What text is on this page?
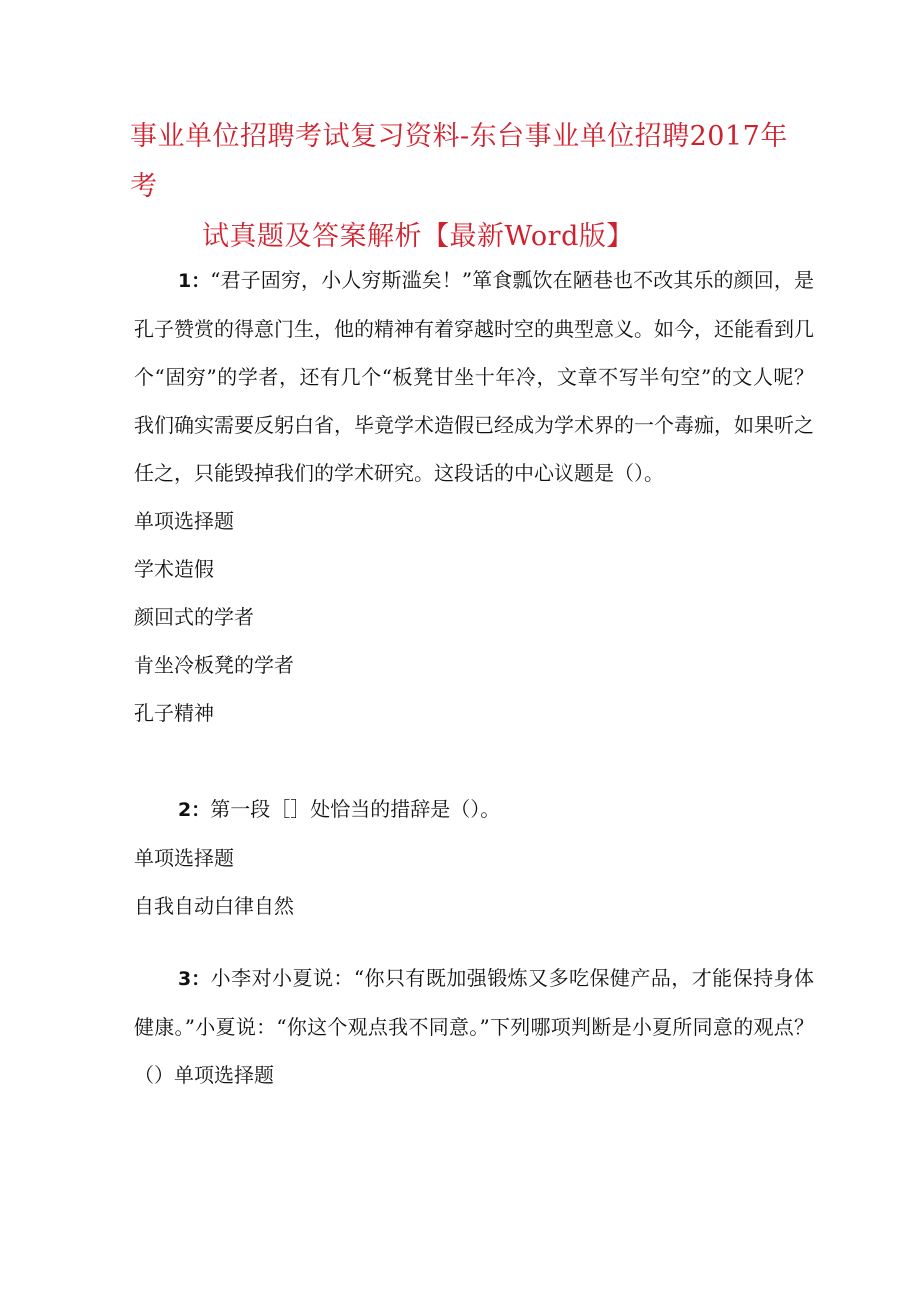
事业单位招聘考试复习资料-东台事业单位招聘2017年考
试真题及答案解析【最新Word版】

1：“君子固穷，小人穷斯滥矣！”箪食瓢饮在陋巷也不改其乐的颜回，是孔子赞赏的得意门生，他的精神有着穿越时空的典型意义。如今，还能看到几个“固穷”的学者，还有几个“板凳甘坐十年冷，文章不写半句空”的文人呢？我们确实需要反躬白省，毕竟学术造假已经成为学术界的一个毒痂，如果听之任之，只能毁掉我们的学术研究。这段话的中心议题是（）。

单项选择题

学术造假

颜回式的学者

肯坐冷板凳的学者

孔子精神

2：第一段［］处恰当的措辞是（）。

单项选择题

自我自动白律自然

3：小李对小夏说：“你只有既加强锻炼又多吃保健产品，才能保持身体健康。”小夏说：“你这个观点我不同意。”下列哪项判断是小夏所同意的观点？（）单项选择题
